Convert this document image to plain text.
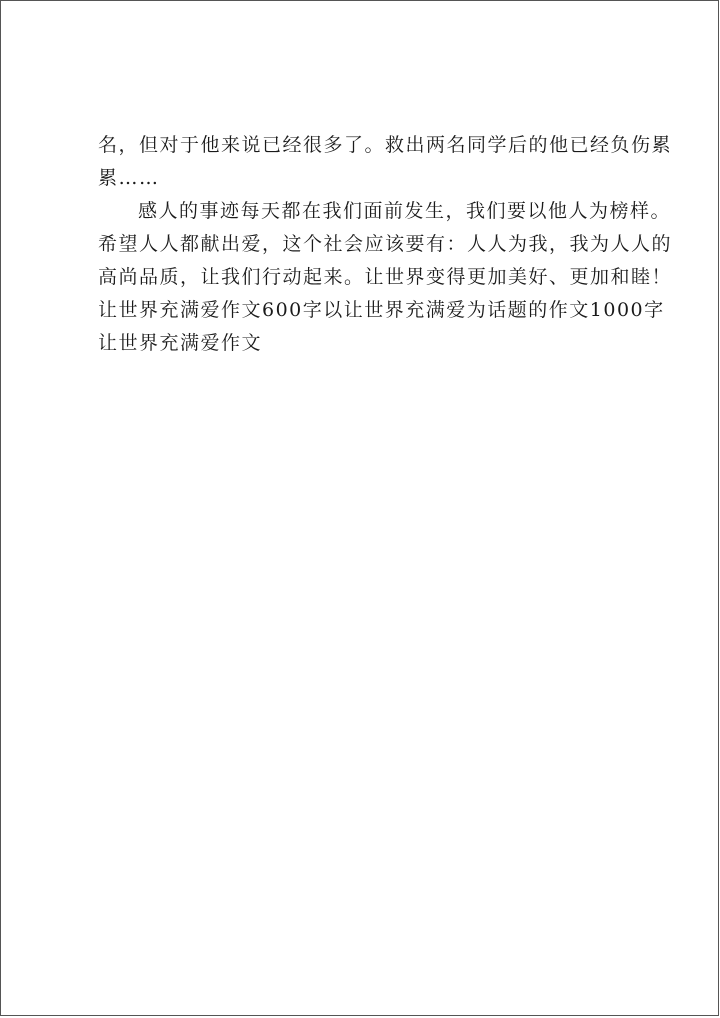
名，但对于他来说已经很多了。救出两名同学后的他已经负伤累
累……
感人的事迹每天都在我们面前发生，我们要以他人为榜样。
希望人人都献出爱，这个社会应该要有：人人为我，我为人人的
高尚品质，让我们行动起来。让世界变得更加美好、更加和睦！
让世界充满爱作文600字以让世界充满爱为话题的作文1000字
让世界充满爱作文
